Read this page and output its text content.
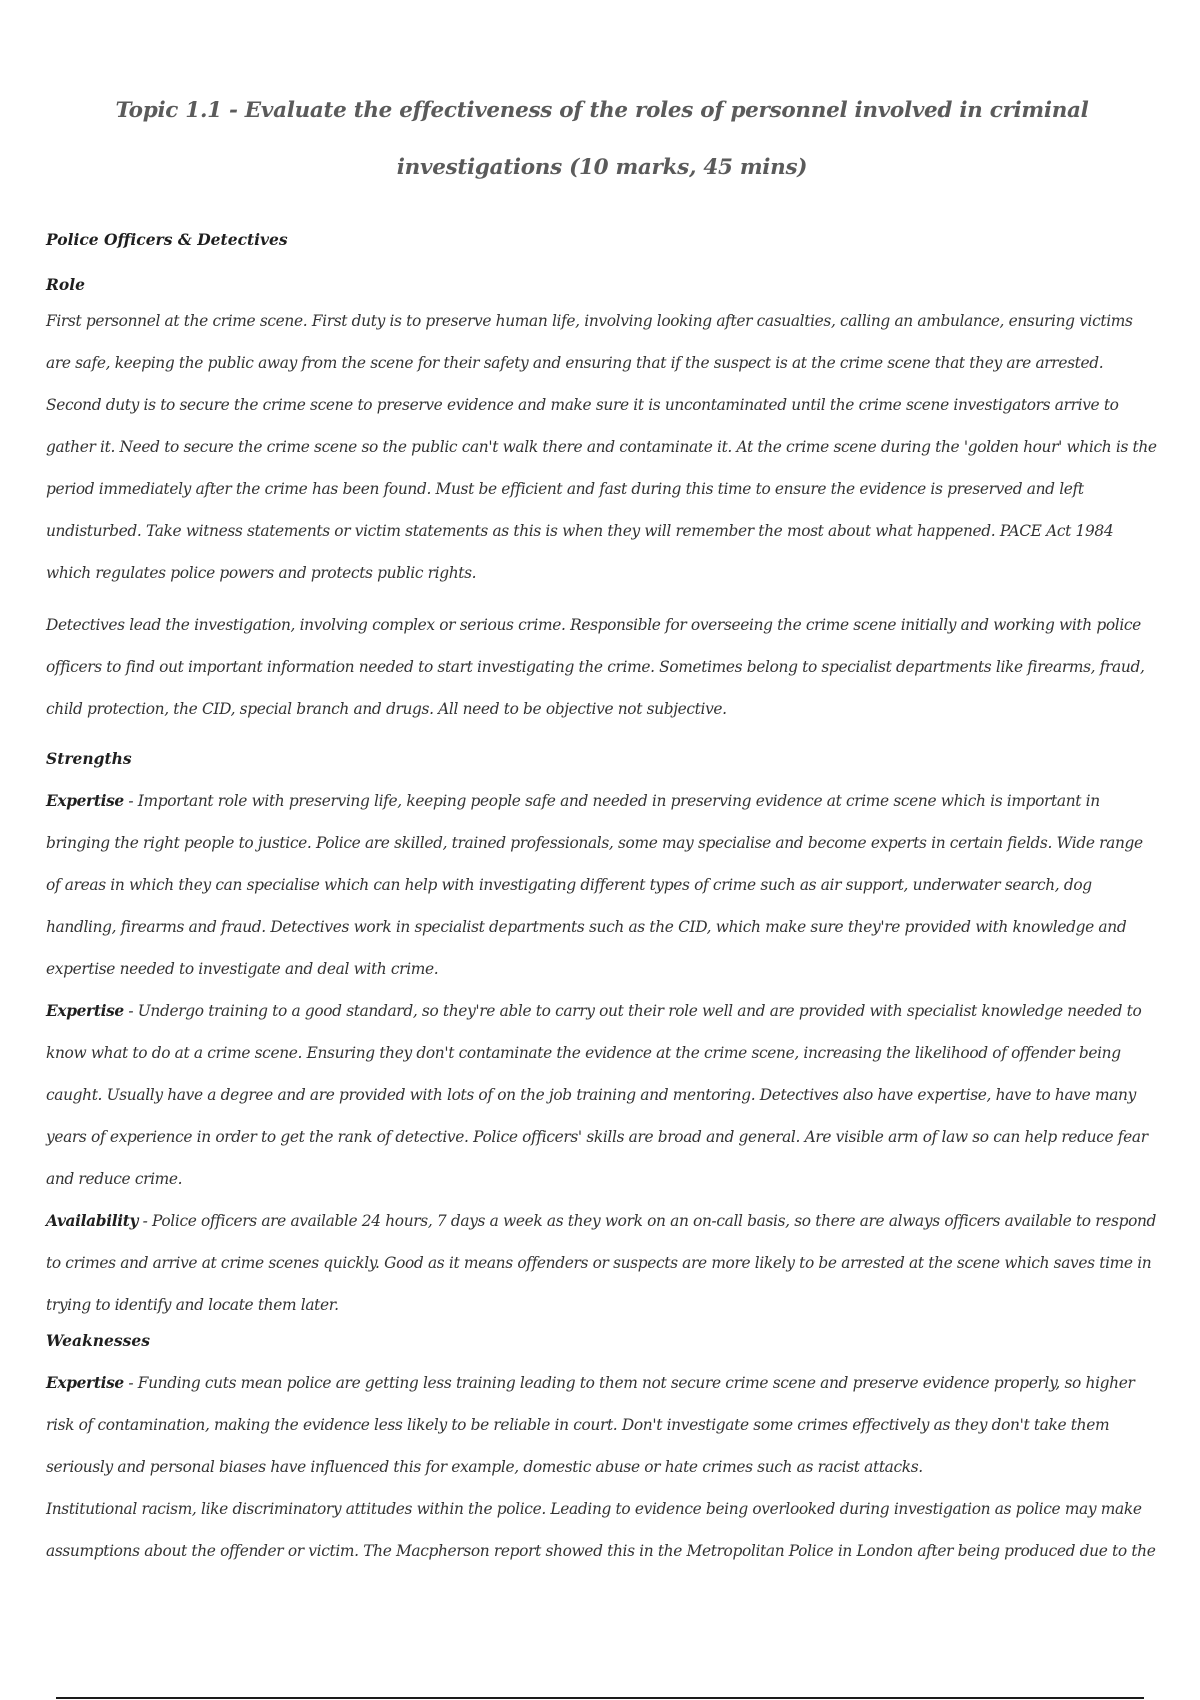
Topic 1.1 - Evaluate the effectiveness of the roles of personnel involved in criminal investigations (10 marks, 45 mins)
Police Officers & Detectives
Role

First personnel at the crime scene. First duty is to preserve human life, involving looking after casualties, calling an ambulance, ensuring victims are safe, keeping the public away from the scene for their safety and ensuring that if the suspect is at the crime scene that they are arrested. Second duty is to secure the crime scene to preserve evidence and make sure it is uncontaminated until the crime scene investigators arrive to gather it. Need to secure the crime scene so the public can't walk there and contaminate it. At the crime scene during the 'golden hour' which is the period immediately after the crime has been found. Must be efficient and fast during this time to ensure the evidence is preserved and left undisturbed. Take witness statements or victim statements as this is when they will remember the most about what happened. PACE Act 1984 which regulates police powers and protects public rights.

Detectives lead the investigation, involving complex or serious crime. Responsible for overseeing the crime scene initially and working with police officers to find out important information needed to start investigating the crime. Sometimes belong to specialist departments like firearms, fraud, child protection, the CID, special branch and drugs. All need to be objective not subjective.

Strengths

Expertise - Important role with preserving life, keeping people safe and needed in preserving evidence at crime scene which is important in bringing the right people to justice. Police are skilled, trained professionals, some may specialise and become experts in certain fields. Wide range of areas in which they can specialise which can help with investigating different types of crime such as air support, underwater search, dog handling, firearms and fraud. Detectives work in specialist departments such as the CID, which make sure they're provided with knowledge and expertise needed to investigate and deal with crime.

Expertise - Undergo training to a good standard, so they're able to carry out their role well and are provided with specialist knowledge needed to know what to do at a crime scene. Ensuring they don't contaminate the evidence at the crime scene, increasing the likelihood of offender being caught. Usually have a degree and are provided with lots of on the job training and mentoring. Detectives also have expertise, have to have many years of experience in order to get the rank of detective. Police officers' skills are broad and general. Are visible arm of law so can help reduce fear and reduce crime.

Availability - Police officers are available 24 hours, 7 days a week as they work on an on-call basis, so there are always officers available to respond to crimes and arrive at crime scenes quickly. Good as it means offenders or suspects are more likely to be arrested at the scene which saves time in trying to identify and locate them later.

Weaknesses

Expertise - Funding cuts mean police are getting less training leading to them not secure crime scene and preserve evidence properly, so higher risk of contamination, making the evidence less likely to be reliable in court. Don't investigate some crimes effectively as they don't take them seriously and personal biases have influenced this for example, domestic abuse or hate crimes such as racist attacks.

Institutional racism, like discriminatory attitudes within the police. Leading to evidence being overlooked during investigation as police may make assumptions about the offender or victim. The Macpherson report showed this in the Metropolitan Police in London after being produced due to the
